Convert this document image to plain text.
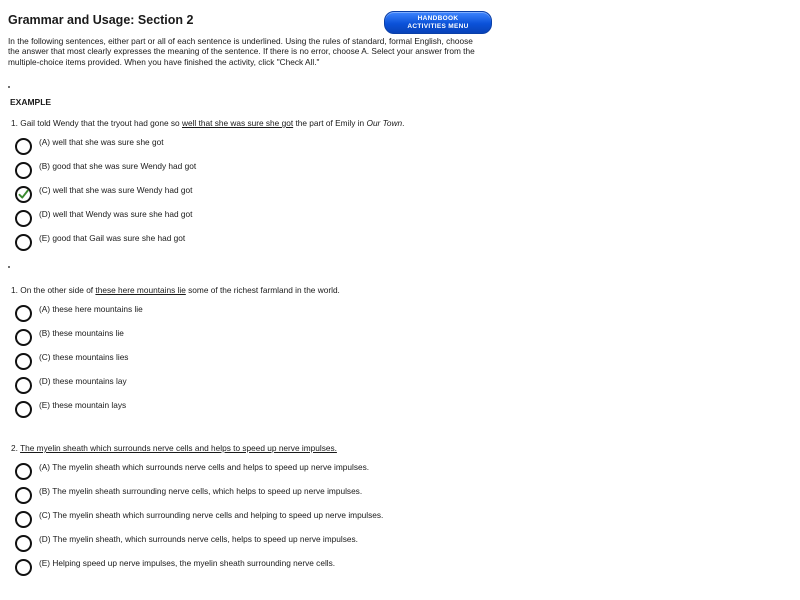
Grammar and Usage: Section 2	HANDBOOK
ACTIVITIES MENU

In the following sentences, either part or all of each sentence is underlined. Using the rules of standard, formal English, choose the answer that most clearly expresses the meaning of the sentence. If there is no error, choose A. Select your answer from the multiple-choice items provided. When you have finished the activity, click "Check All."

EXAMPLE

1. Gail told Wendy that the tryout had gone so well that she was sure she got the part of Emily in Our Town.

(A) well that she was sure she got
(B) good that she was sure Wendy had got
(C) well that she was sure Wendy had got
(D) well that Wendy was sure she had got
(E) good that Gail was sure she had got

1. On the other side of these here mountains lie some of the richest farmland in the world.

(A) these here mountains lie
(B) these mountains lie
(C) these mountains lies
(D) these mountains lay
(E) these mountain lays

2. The myelin sheath which surrounds nerve cells and helps to speed up nerve impulses.

(A) The myelin sheath which surrounds nerve cells and helps to speed up nerve impulses.
(B) The myelin sheath surrounding nerve cells, which helps to speed up nerve impulses.
(C) The myelin sheath which surrounding nerve cells and helping to speed up nerve impulses.
(D) The myelin sheath, which surrounds nerve cells, helps to speed up nerve impulses.
(E) Helping speed up nerve impulses, the myelin sheath surrounding nerve cells.
